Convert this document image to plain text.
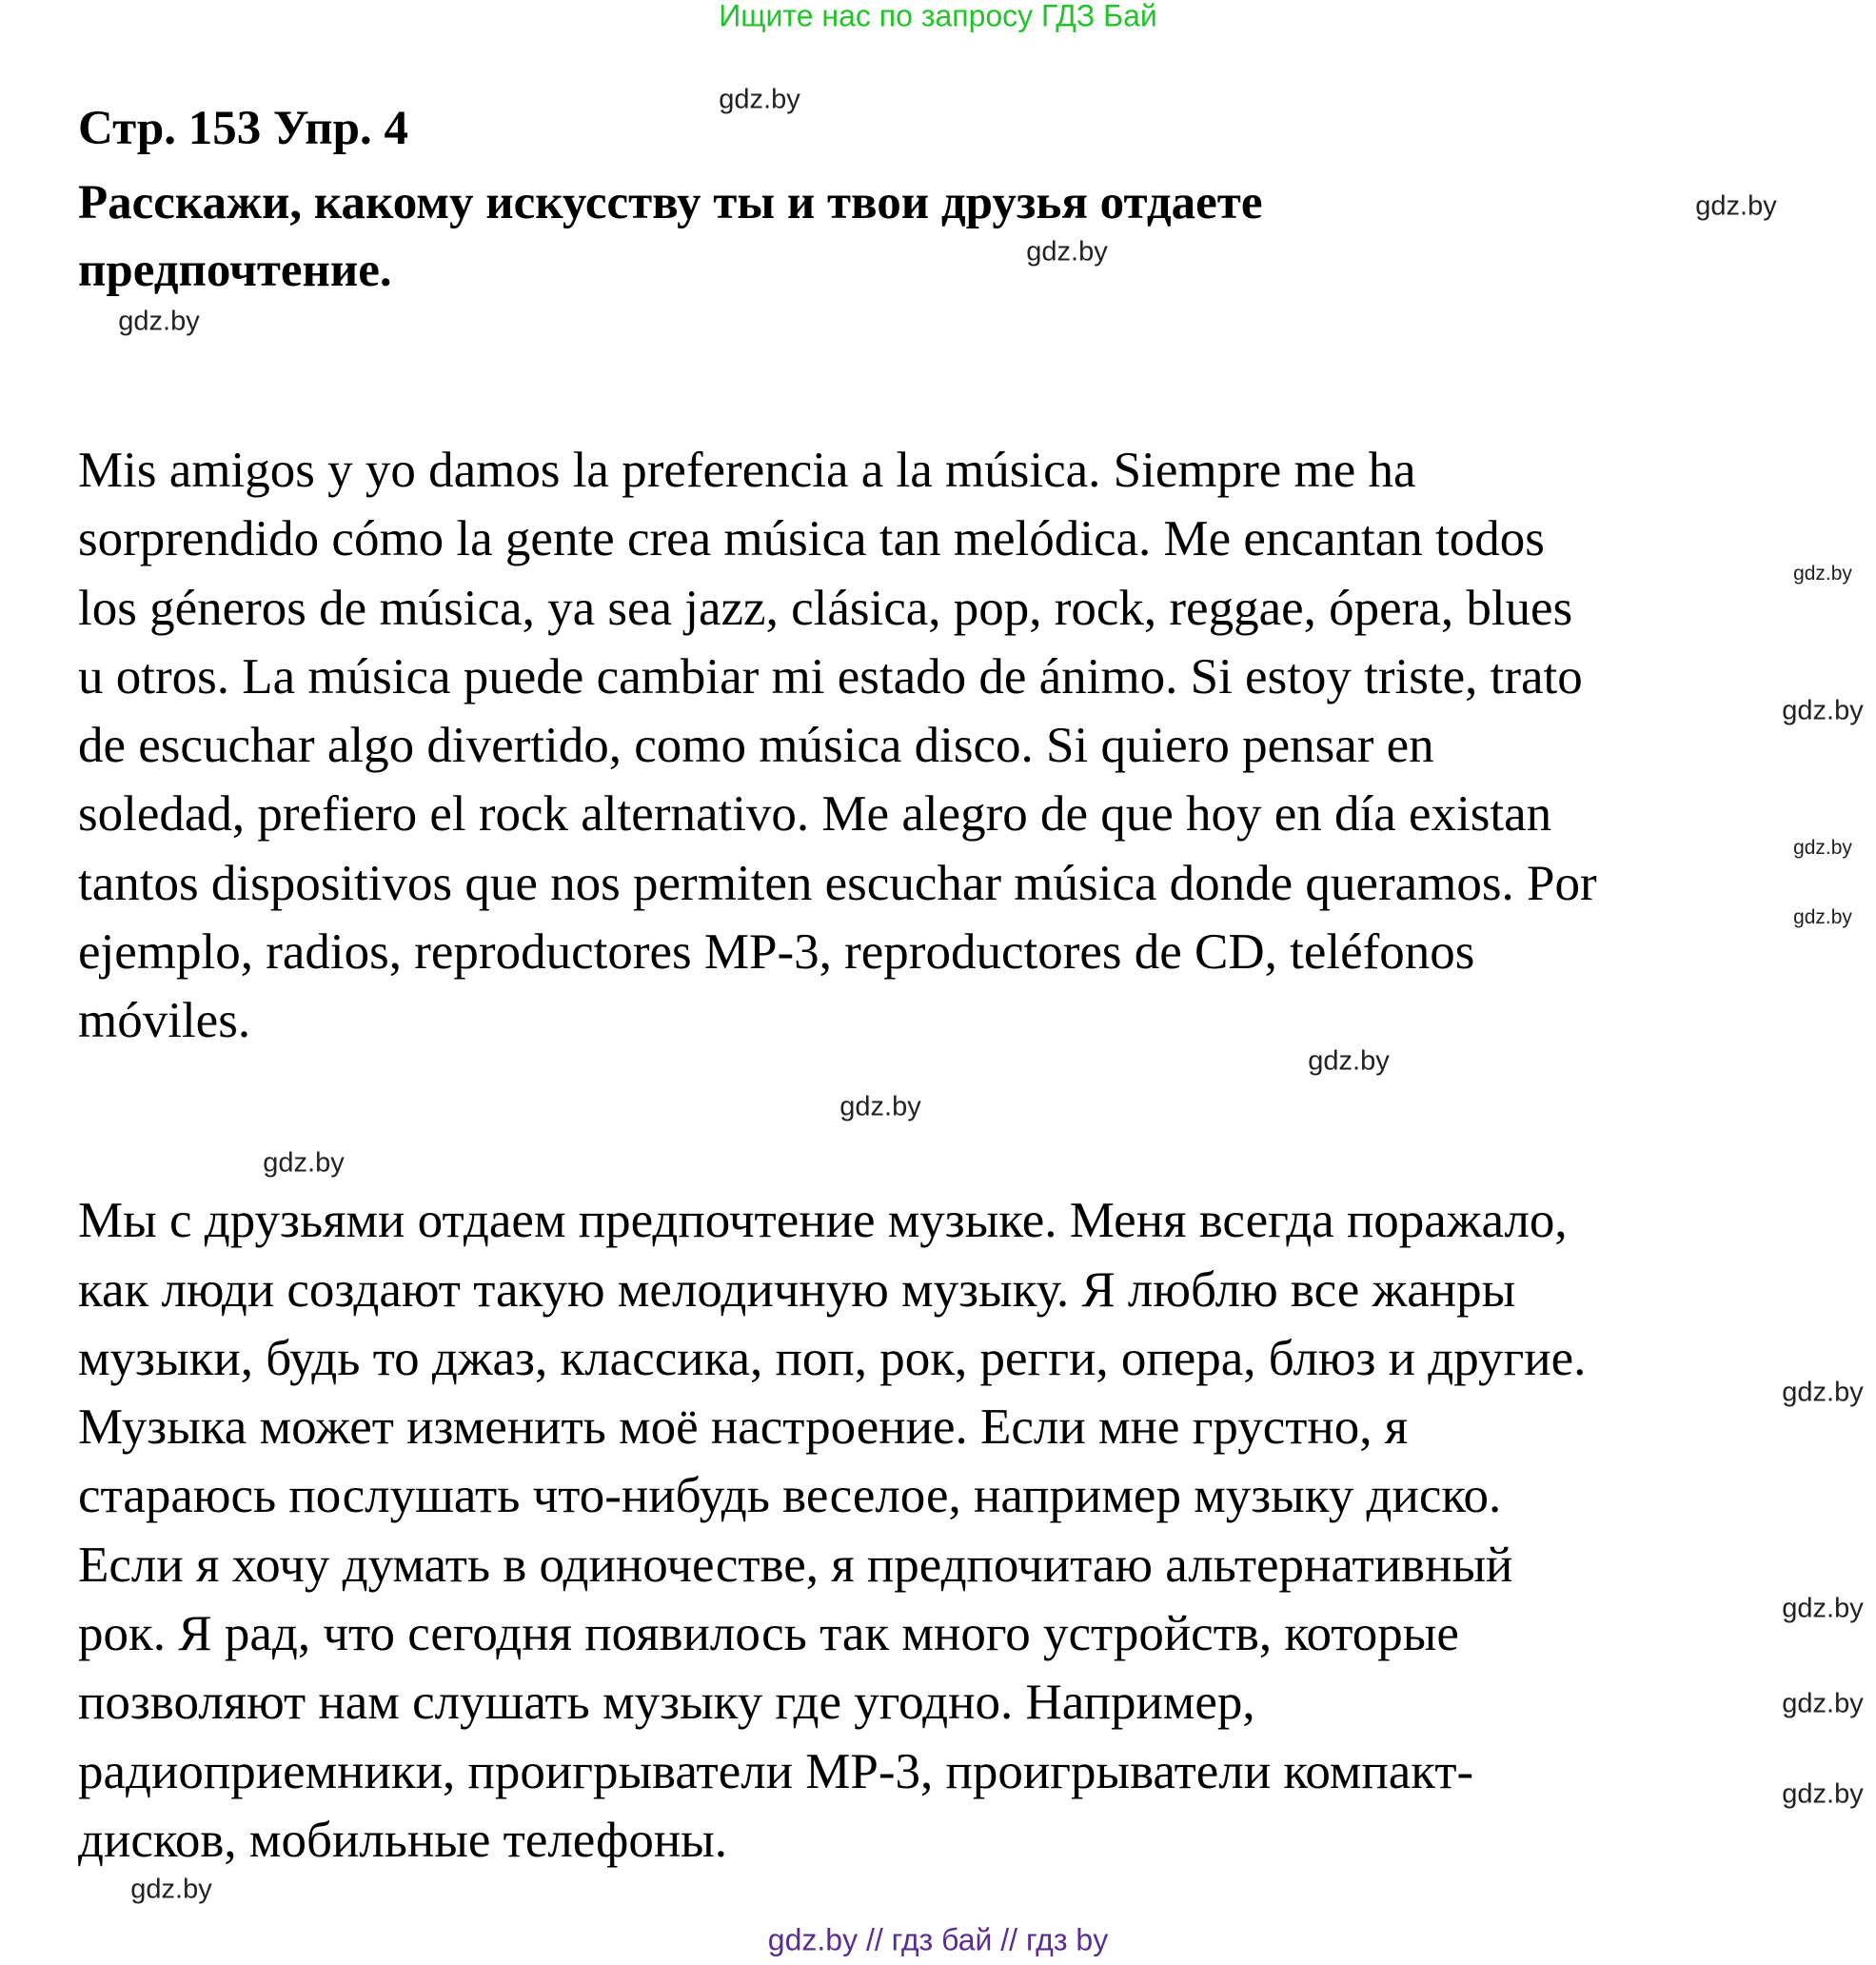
Ищите нас по запросу ГДЗ Бай
Стр. 153 Упр. 4
Расскажи, какому искусству ты и твои друзья отдаете
предпочтение.
Mis amigos y yo damos la preferencia a la música. Siempre me ha
sorprendido cómo la gente crea música tan melódica. Me encantan todos
los géneros de música, ya sea jazz, clásica, pop, rock, reggae, ópera, blues
u otros. La música puede cambiar mi estado de ánimo. Si estoy triste, trato
de escuchar algo divertido, como música disco. Si quiero pensar en
soledad, prefiero el rock alternativo. Me alegro de que hoy en día existan
tantos dispositivos que nos permiten escuchar música donde queramos. Por
ejemplo, radios, reproductores MP-3, reproductores de CD, teléfonos
móviles.
Мы с друзьями отдаем предпочтение музыке. Меня всегда поражало,
как люди создают такую мелодичную музыку. Я люблю все жанры
музыки, будь то джаз, классика, поп, рок, регги, опера, блюз и другие.
Музыка может изменить моё настроение. Если мне грустно, я
стараюсь послушать что-нибудь веселое, например музыку диско.
Если я хочу думать в одиночестве, я предпочитаю альтернативный
рок. Я рад, что сегодня появилось так много устройств, которые
позволяют нам слушать музыку где угодно. Например,
радиоприемники, проигрыватели МР-3, проигрыватели компакт-
дисков, мобильные телефоны.
gdz.by
gdz.by
gdz.by
gdz.by
gdz.by
gdz.by
gdz.by
gdz.by
gdz.by
gdz.by
gdz.by
gdz.by
gdz.by
gdz.by
gdz.by
gdz.by
gdz.by // гдз бай // гдз by
